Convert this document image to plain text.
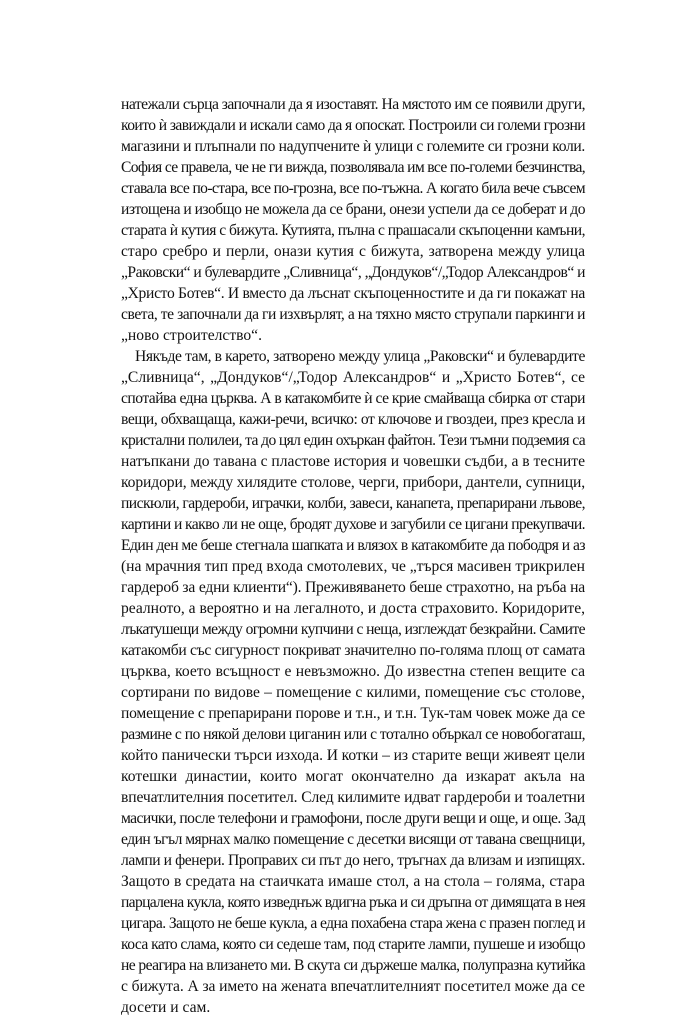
натежали сърца започнали да я изоставят. На мястото им се появили други,
които ѝ завиждали и искали само да я опоскат. Построили си големи грозни
магазини и плъпнали по надупчените ѝ улици с големите си грозни коли.
София се правела, че не ги вижда, позволявала им все по-големи безчинства,
ставала все по-стара, все по-грозна, все по-тъжна. А когато била вече съвсем
изтощена и изобщо не можела да се брани, онези успели да се доберат и до
старата ѝ кутия с бижута. Кутията, пълна с прашасали скъпоценни камъни,
старо сребро и перли, онази кутия с бижута, затворена между улица
„Раковски“ и булевардите „Сливница“, „Дондуков“/„Тодор Александров“ и
„Христо Ботев“. И вместо да лъснат скъпоценностите и да ги покажат на
света, те започнали да ги изхвърлят, а на тяхно място струпали паркинги и
„ново строителство“.
Някъде там, в карето, затворено между улица „Раковски“ и булевардите
„Сливница“, „Дондуков“/„Тодор Александров“ и „Христо Ботев“, се
спотайва една църква. А в катакомбите ѝ се крие смайваща сбирка от стари
вещи, обхващаща, кажи-речи, всичко: от ключове и гвоздеи, през кресла и
кристални полилеи, та до цял един охъркан файтон. Тези тъмни подземия са
натъпкани до тавана с пластове история и човешки съдби, а в тесните
коридори, между хилядите столове, черги, прибори, дантели, супници,
пискюли, гардероби, играчки, колби, завеси, канапета, препарирани лъвове,
картини и какво ли не още, бродят духове и загубили се цигани прекупвачи.
Един ден ме беше стегнала шапката и влязох в катакомбите да пободря и аз
(на мрачния тип пред входа смотолевих, че „търся масивен трикрилен
гардероб за едни клиенти“). Преживяването беше страхотно, на ръба на
реалното, а вероятно и на легалното, и доста страховито. Коридорите,
лъкатушещи между огромни купчини с неща, изглеждат безкрайни. Самите
катакомби със сигурност покриват значително по-голяма площ от самата
църква, което всъщност е невъзможно. До известна степен вещите са
сортирани по видове – помещение с килими, помещение със столове,
помещение с препарирани порове и т.н., и т.н. Тук-там човек може да се
размине с по някой делови циганин или с тотално объркал се новобогаташ,
който панически търси изхода. И котки – из старите вещи живеят цели
котешки династии, които могат окончателно да изкарат акъла на
впечатлителния посетител. След килимите идват гардероби и тоалетни
масички, после телефони и грамофони, после други вещи и още, и още. Зад
един ъгъл мярнах малко помещение с десетки висящи от тавана свещници,
лампи и фенери. Проправих си път до него, тръгнах да влизам и изпищях.
Защото в средата на стаичката имаше стол, а на стола – голяма, стара
парцалена кукла, която изведнъж вдигна ръка и си дръпна от димящата в нея
цигара. Защото не беше кукла, а една похабена стара жена с празен поглед и
коса като слама, която си седеше там, под старите лампи, пушеше и изобщо
не реагира на влизането ми. В скута си държеше малка, полупразна кутийка
с бижута. А за името на жената впечатлителният посетител може да се
досети и сам.
